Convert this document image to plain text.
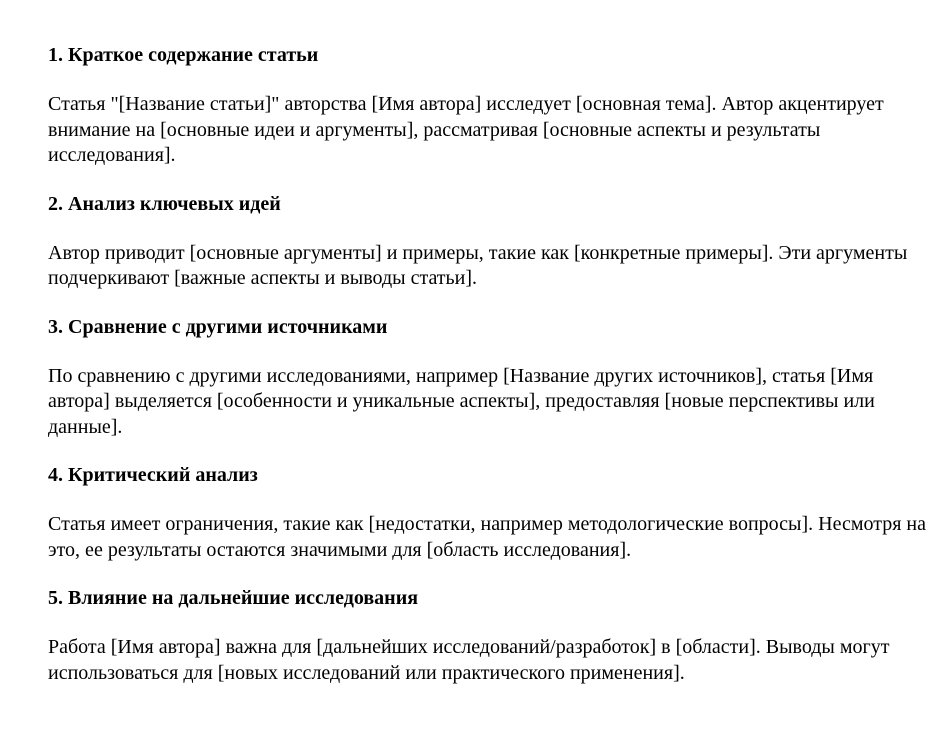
1. Краткое содержание статьи
Статья "[Название статьи]" авторства [Имя автора] исследует [основная тема]. Автор акцентирует внимание на [основные идеи и аргументы], рассматривая [основные аспекты и результаты исследования].
2. Анализ ключевых идей
Автор приводит [основные аргументы] и примеры, такие как [конкретные примеры]. Эти аргументы подчеркивают [важные аспекты и выводы статьи].
3. Сравнение с другими источниками
По сравнению с другими исследованиями, например [Название других источников], статья [Имя автора] выделяется [особенности и уникальные аспекты], предоставляя [новые перспективы или данные].
4. Критический анализ
Статья имеет ограничения, такие как [недостатки, например методологические вопросы]. Несмотря на это, ее результаты остаются значимыми для [область исследования].
5. Влияние на дальнейшие исследования
Работа [Имя автора] важна для [дальнейших исследований/разработок] в [области]. Выводы могут использоваться для [новых исследований или практического применения].
